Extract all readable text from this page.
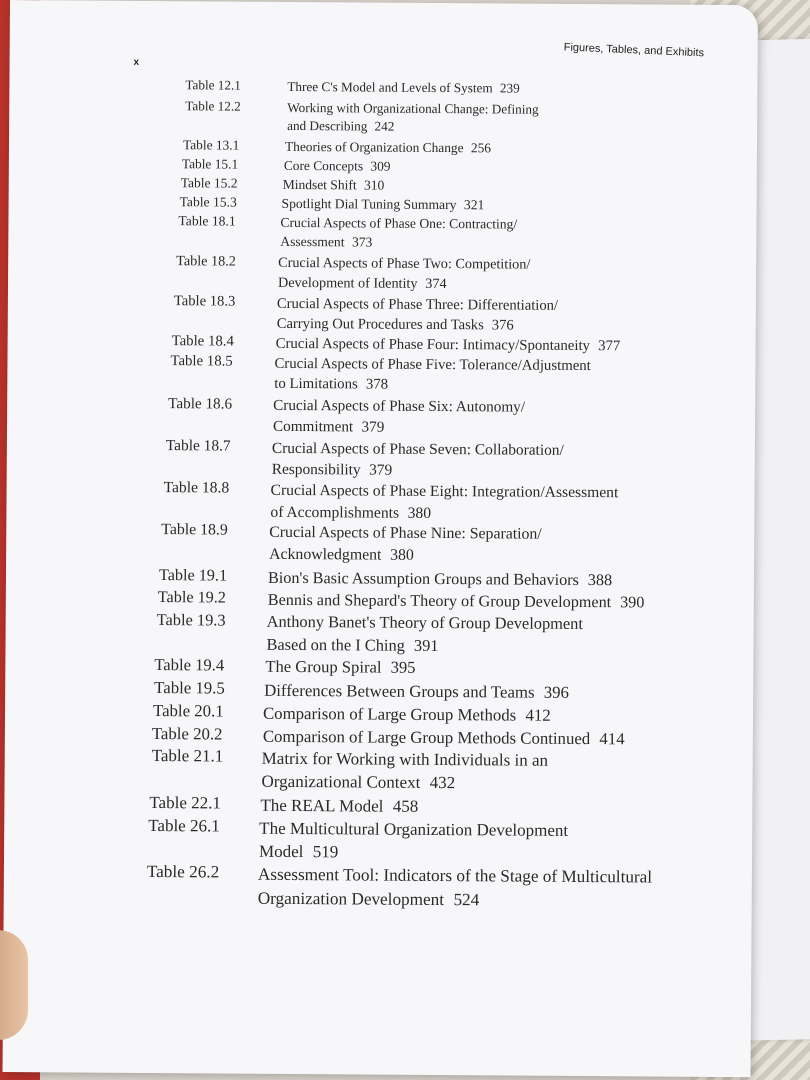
Figures, Tables, and Exhibits
x
Table 12.1	Three C's Model and Levels of System 239
Table 12.2	Working with Organizational Change: Defining
and Describing 242
Table 13.1	Theories of Organization Change 256
Table 15.1	Core Concepts 309
Table 15.2	Mindset Shift 310
Table 15.3	Spotlight Dial Tuning Summary 321
Table 18.1	Crucial Aspects of Phase One: Contracting/
Assessment 373
Table 18.2	Crucial Aspects of Phase Two: Competition/
Development of Identity 374
Table 18.3	Crucial Aspects of Phase Three: Differentiation/
Carrying Out Procedures and Tasks 376
Table 18.4	Crucial Aspects of Phase Four: Intimacy/Spontaneity 377
Table 18.5	Crucial Aspects of Phase Five: Tolerance/Adjustment
to Limitations 378
Table 18.6	Crucial Aspects of Phase Six: Autonomy/
Commitment 379
Table 18.7	Crucial Aspects of Phase Seven: Collaboration/
Responsibility 379
Table 18.8	Crucial Aspects of Phase Eight: Integration/Assessment
of Accomplishments 380
Table 18.9	Crucial Aspects of Phase Nine: Separation/
Acknowledgment 380
Table 19.1	Bion's Basic Assumption Groups and Behaviors 388
Table 19.2	Bennis and Shepard's Theory of Group Development 390
Table 19.3	Anthony Banet's Theory of Group Development
Based on the I Ching 391
Table 19.4	The Group Spiral 395
Table 19.5	Differences Between Groups and Teams 396
Table 20.1	Comparison of Large Group Methods 412
Table 20.2	Comparison of Large Group Methods Continued 414
Table 21.1	Matrix for Working with Individuals in an
Organizational Context 432
Table 22.1	The REAL Model 458
Table 26.1	The Multicultural Organization Development
Model 519
Table 26.2	Assessment Tool: Indicators of the Stage of Multicultural
Organization Development 524
